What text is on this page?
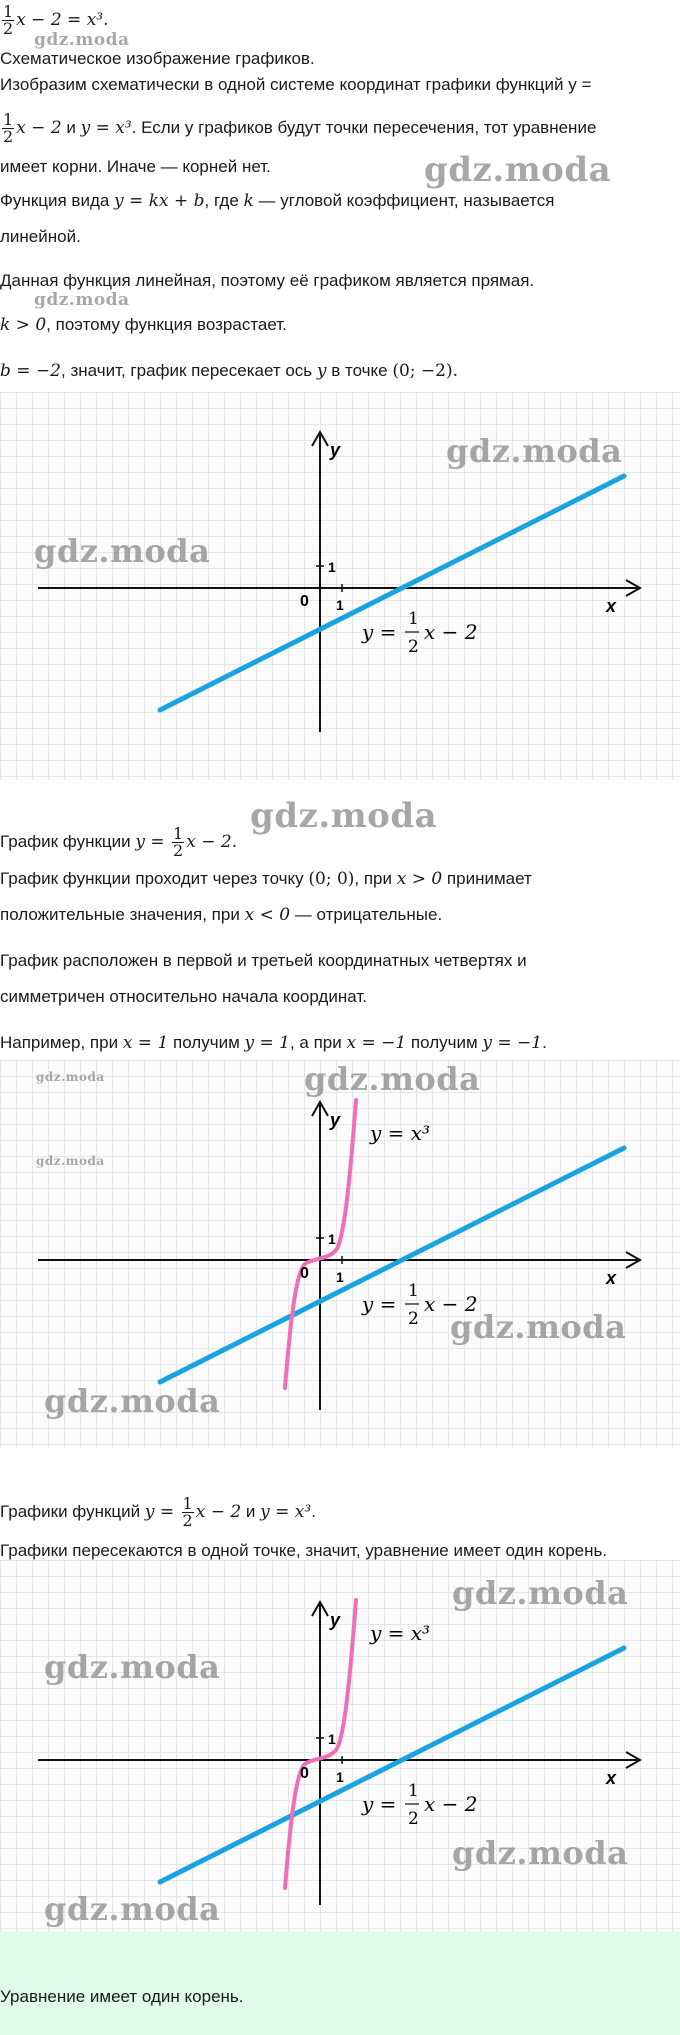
$\frac{1}{2}$ x − 2 = x³.
gdz.moda
Схематическое изображение графиков.
Изобразим схематически в одной системе координат графики функций y =
$\frac{1}{2}$ x − 2 и y = x³. Если у графиков будут точки пересечения, тот уравнение
имеет корни. Иначе — корней нет.	gdz.moda
Функция вида y = kx + b, где k — угловой коэффициент, называется
линейной.
Данная функция линейная, поэтому её графиком является прямая.
gdz.moda
k > 0, поэтому функция возрастает.
b = −2, значит, график пересекает ось y в точке (0; −2).
y
x
0 1
1
y =
1
2
x − 2
gdz.moda
gdz.moda
График функции $y = \frac{1}{2}$ x − 2.
gdz.moda
График функции проходит через точку (0; 0), при x > 0 принимает
положительные значения, при x < 0 — отрицательные.
График расположен в первой и третьей координатных четвертях и
симметричен относительно начала координат.
Например, при x = 1 получим y = 1, а при x = −1 получим y = −1.
y
x
0 1
1
y = x³
y =
1
2
x − 2
gdz.moda
gdz.moda
gdz.moda
gdz.moda
gdz.moda
Графики функций $y = \frac{1}{2}$ x − 2 и y = x³.
Графики пересекаются в одной точке, значит, уравнение имеет один корень.
y
x
0 1
1
y = x³
y =
1
2
x − 2
gdz.moda
gdz.moda
gdz.moda
gdz.moda
Уравнение имеет один корень.
